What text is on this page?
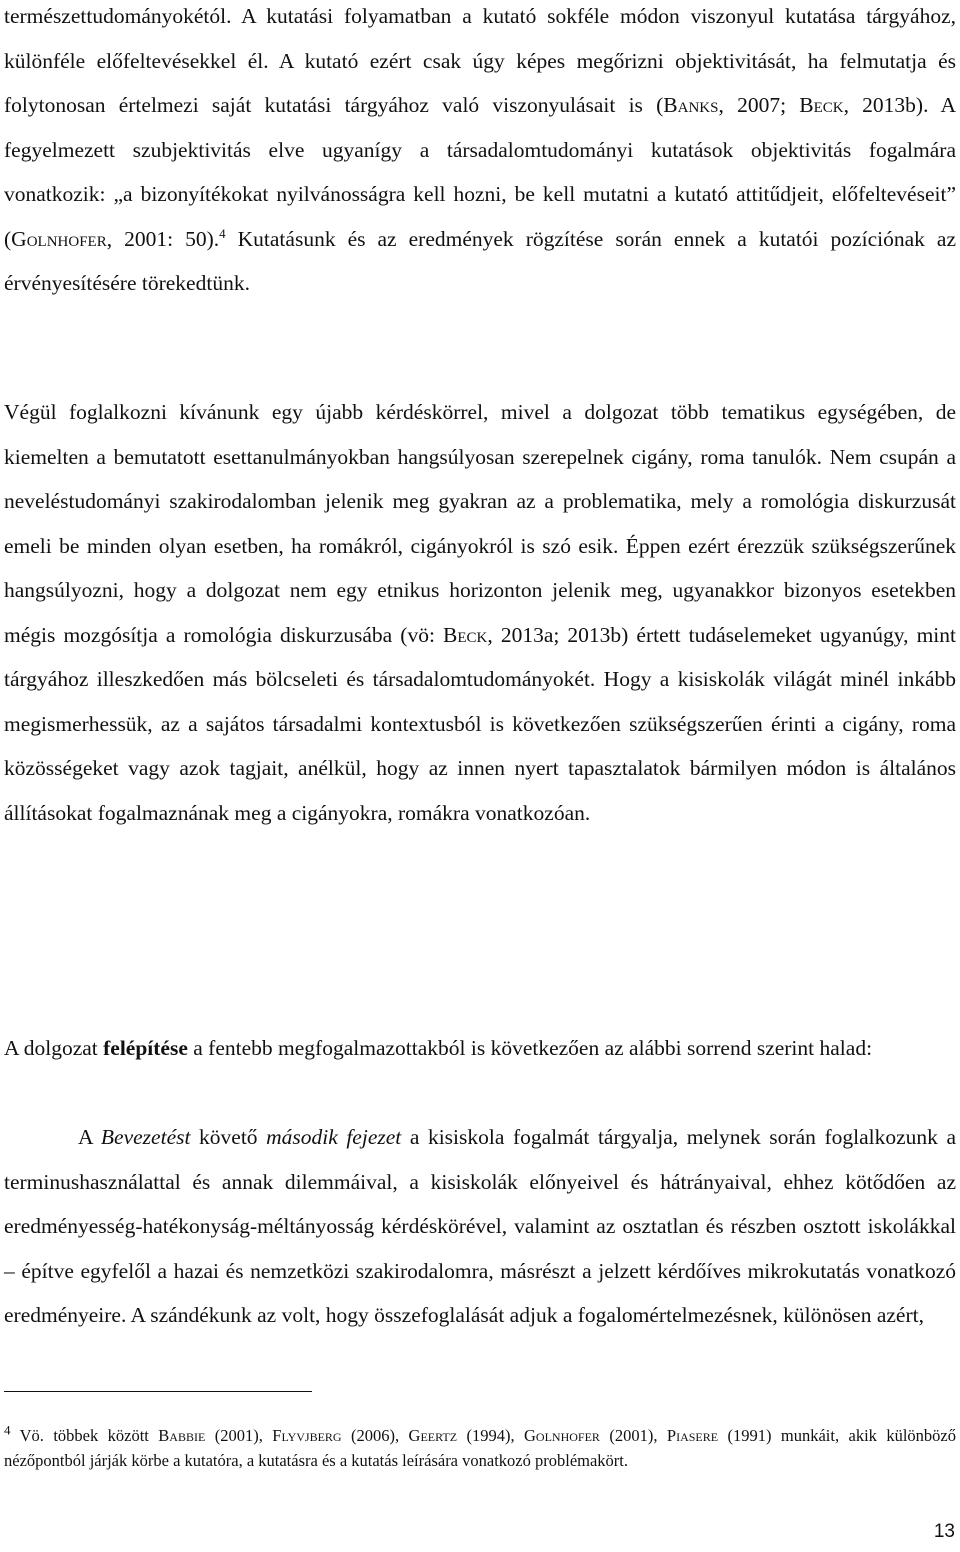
természettudományokétól. A kutatási folyamatban a kutató sokféle módon viszonyul kutatása tárgyához, különféle előfeltevésekkel él. A kutató ezért csak úgy képes megőrizni objektivitását, ha felmutatja és folytonosan értelmezi saját kutatási tárgyához való viszonyulásait is (Banks, 2007; Beck, 2013b). A fegyelmezett szubjektivitás elve ugyanígy a társadalomtudományi kutatások objektivitás fogalmára vonatkozik: „a bizonyítékokat nyilvánosságra kell hozni, be kell mutatni a kutató attitűdjeit, előfeltevéseit” (Golnhofer, 2001: 50).$^4$ Kutatásunk és az eredmények rögzítése során ennek a kutatói pozíciónak az érvényesítésére törekedtünk.

Végül foglalkozni kívánunk egy újabb kérdéskörrel, mivel a dolgozat több tematikus egységében, de kiemelten a bemutatott esettanulmányokban hangsúlyosan szerepelnek cigány, roma tanulók. Nem csupán a neveléstudományi szakirodalomban jelenik meg gyakran az a problematika, mely a romológia diskurzusát emeli be minden olyan esetben, ha romákról, cigányokról is szó esik. Éppen ezért érezzük szükségszerűnek hangsúlyozni, hogy a dolgozat nem egy etnikus horizonton jelenik meg, ugyanakkor bizonyos esetekben mégis mozgósítja a romológia diskurzusába (vö: Beck, 2013a; 2013b) értett tudáselemeket ugyanúgy, mint tárgyához illeszkedően más bölcseleti és társadalomtudományokét. Hogy a kisiskolák világát minél inkább megismerhessük, az a sajátos társadalmi kontextusból is következően szükségszerűen érinti a cigány, roma közösségeket vagy azok tagjait, anélkül, hogy az innen nyert tapasztalatok bármilyen módon is általános állításokat fogalmaznának meg a cigányokra, romákra vonatkozóan.

A dolgozat felépítése a fentebb megfogalmazottakból is következően az alábbi sorrend szerint halad:

A Bevezetést követő második fejezet a kisiskola fogalmát tárgyalja, melynek során foglalkozunk a terminushasználattal és annak dilemmáival, a kisiskolák előnyeivel és hátrányaival, ehhez kötődően az eredményesség-hatékonyság-méltányosság kérdéskörével, valamint az osztatlan és részben osztott iskolákkal – építve egyfelől a hazai és nemzetközi szakirodalomra, másrészt a jelzett kérdőíves mikrokutatás vonatkozó eredményeire. A szándékunk az volt, hogy összefoglalását adjuk a fogalomértelmezésnek, különösen azért,

$^4$ Vö. többek között Babbie (2001), Flyvjberg (2006), Geertz (1994), Golnhofer (2001), Piasere (1991) munkáit, akik különböző nézőpontból járják körbe a kutatóra, a kutatásra és a kutatás leírására vonatkozó problémakört.

13
